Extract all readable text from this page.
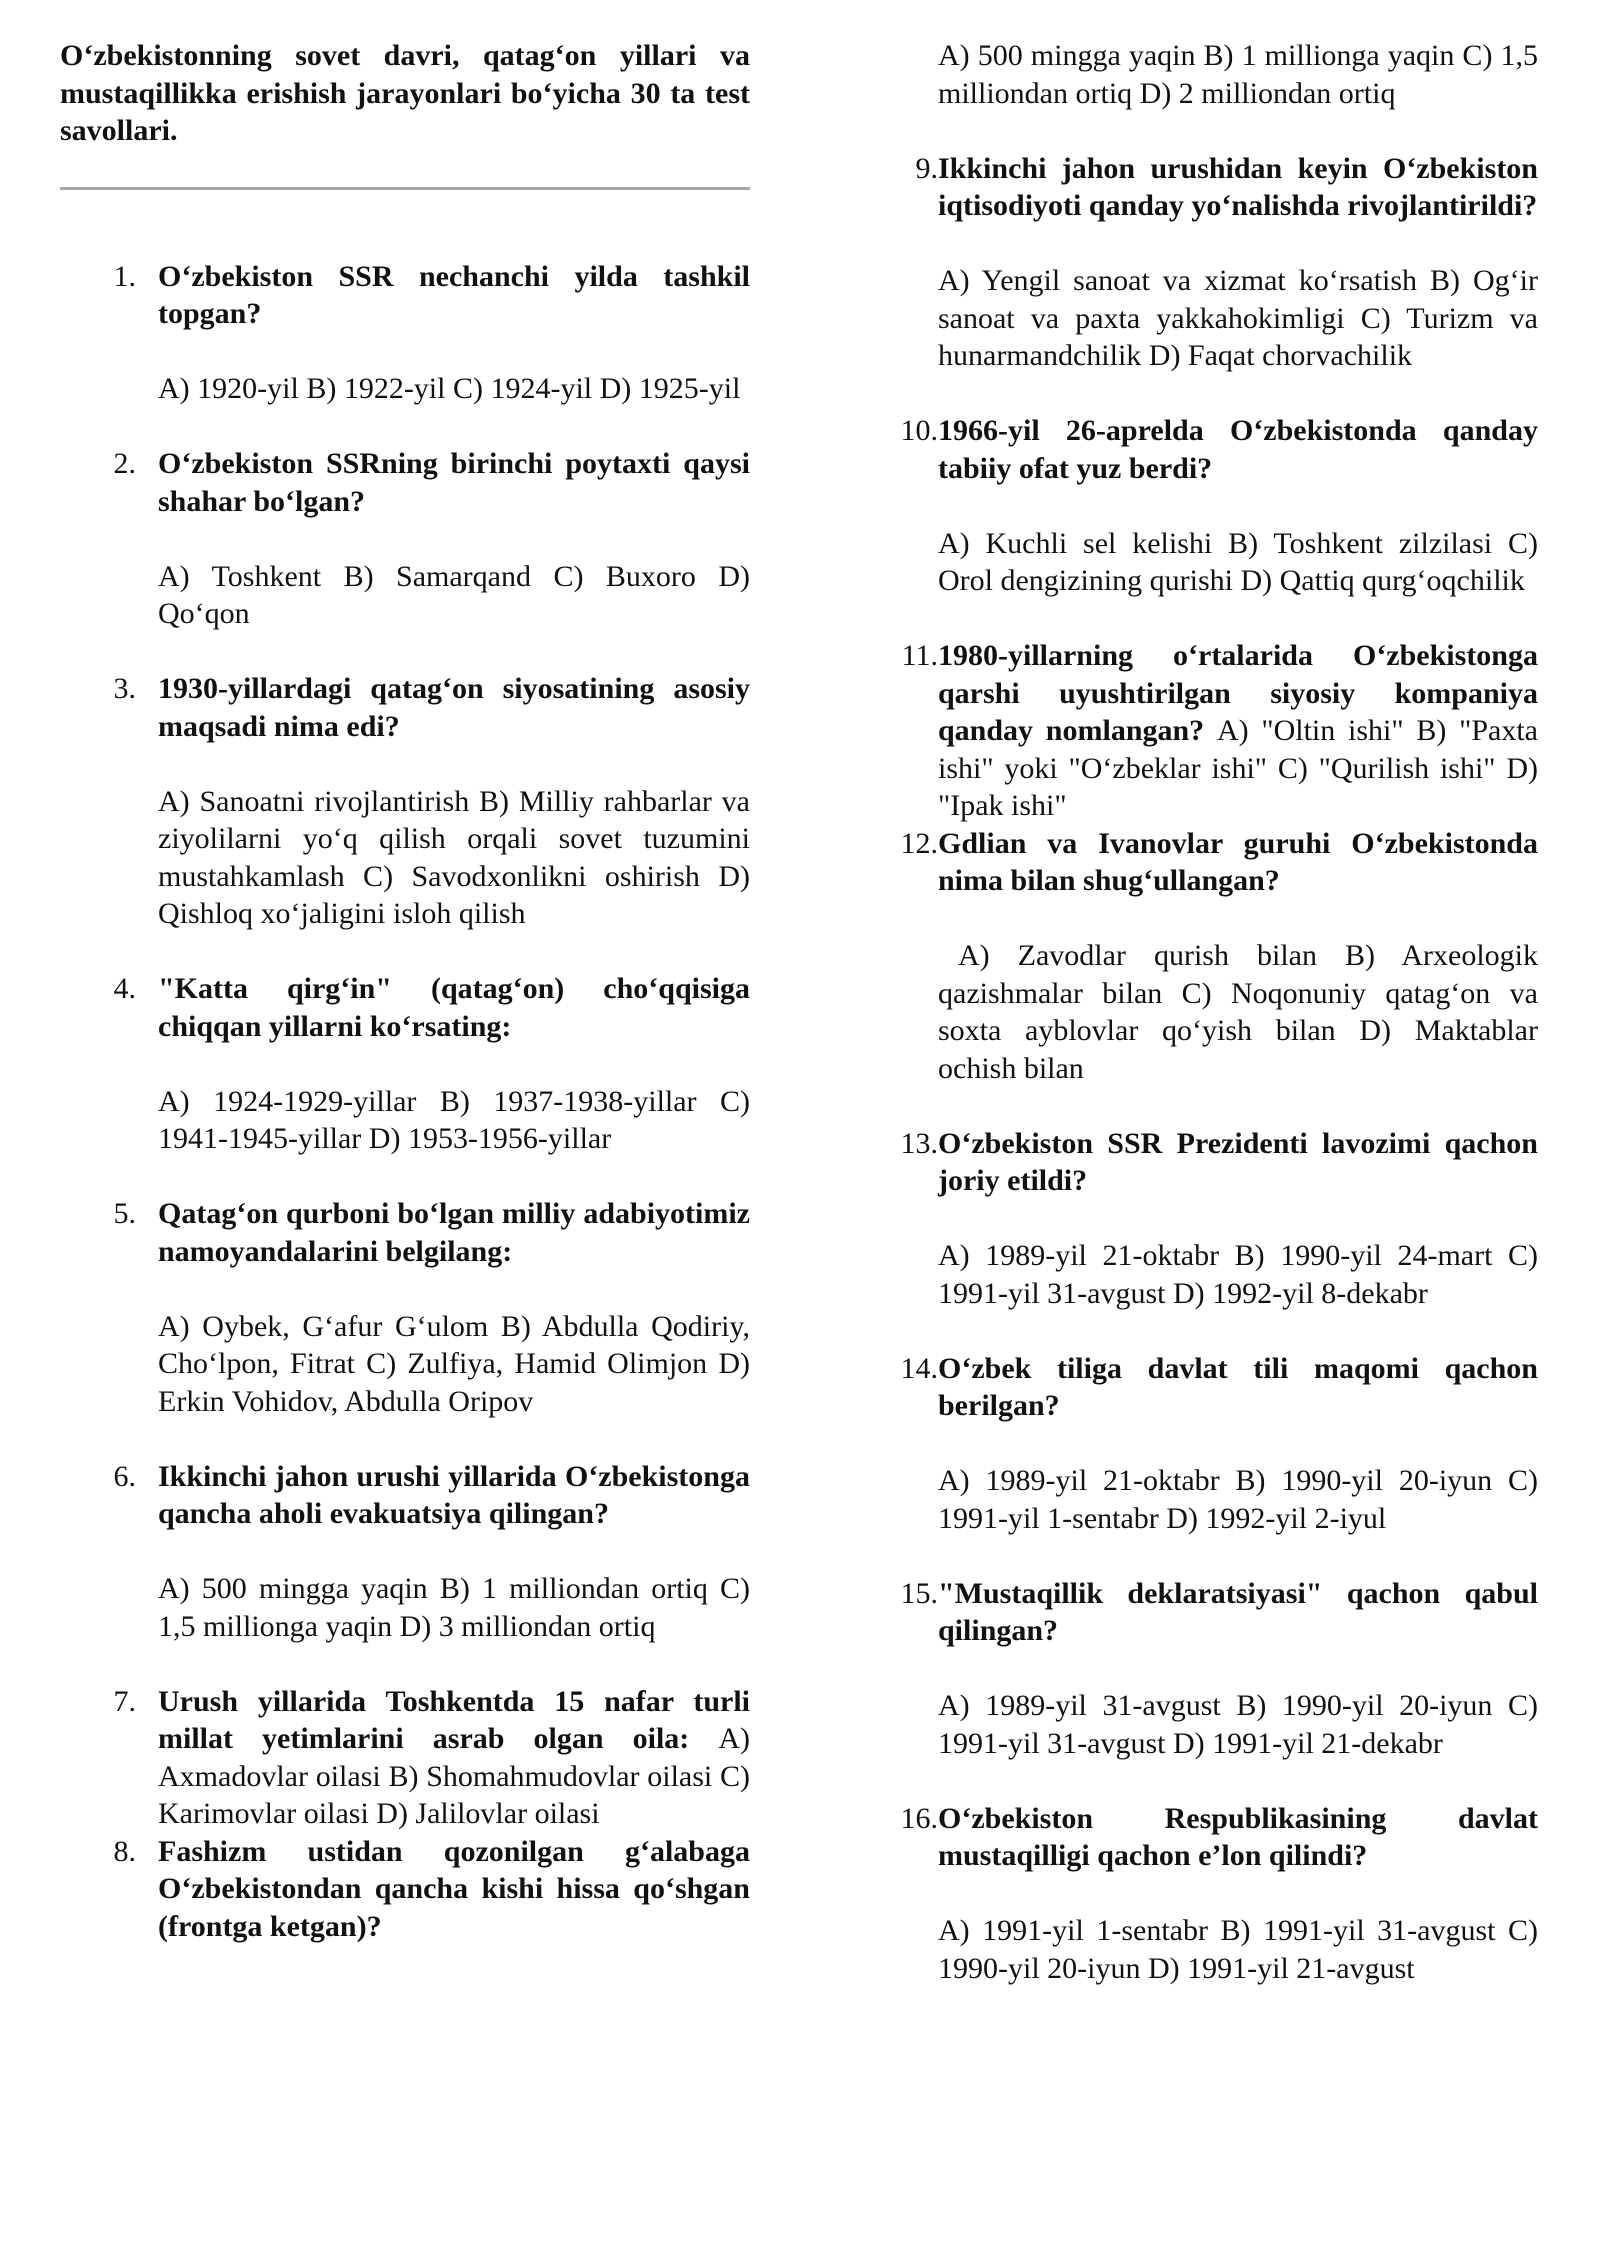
O‘zbekistonning sovet davri, qatag‘on yillari va mustaqillikka erishish jarayonlari bo‘yicha 30 ta test savollari.

1. O‘zbekiston SSR nechanchi yilda tashkil topgan?
A) 1920-yil B) 1922-yil C) 1924-yil D) 1925-yil
2. O‘zbekiston SSRning birinchi poytaxti qaysi shahar bo‘lgan?
A) Toshkent B) Samarqand C) Buxoro D) Qo‘qon
3. 1930-yillardagi qatag‘on siyosatining asosiy maqsadi nima edi?
A) Sanoatni rivojlantirish B) Milliy rahbarlar va ziyolilarni yo‘q qilish orqali sovet tuzumini mustahkamlash C) Savodxonlikni oshirish D) Qishloq xo‘jaligini isloh qilish
4. "Katta qirg‘in" (qatag‘on) cho‘qqisiga chiqqan yillarni ko‘rsating:
A) 1924-1929-yillar B) 1937-1938-yillar C) 1941-1945-yillar D) 1953-1956-yillar
5. Qatag‘on qurboni bo‘lgan milliy adabiyotimiz namoyandalarini belgilang:
A) Oybek, G‘afur G‘ulom B) Abdulla Qodiriy, Cho‘lpon, Fitrat C) Zulfiya, Hamid Olimjon D) Erkin Vohidov, Abdulla Oripov
6. Ikkinchi jahon urushi yillarida O‘zbekistonga qancha aholi evakuatsiya qilingan?
A) 500 mingga yaqin B) 1 milliondan ortiq C) 1,5 millionga yaqin D) 3 milliondan ortiq
7. Urush yillarida Toshkentda 15 nafar turli millat yetimlarini asrab olgan oila: A) Axmadovlar oilasi B) Shomahmudovlar oilasi C) Karimovlar oilasi D) Jalilovlar oilasi
8. Fashizm ustidan qozonilgan g‘alabaga O‘zbekistondan qancha kishi hissa qo‘shgan (frontga ketgan)?
A) 500 mingga yaqin B) 1 millionga yaqin C) 1,5 milliondan ortiq D) 2 milliondan ortiq
9. Ikkinchi jahon urushidan keyin O‘zbekiston iqtisodiyoti qanday yo‘nalishda rivojlantirildi?
A) Yengil sanoat va xizmat ko‘rsatish B) Og‘ir sanoat va paxta yakkahokimligi C) Turizm va hunarmandchilik D) Faqat chorvachilik
10. 1966-yil 26-aprelda O‘zbekistonda qanday tabiiy ofat yuz berdi?
A) Kuchli sel kelishi B) Toshkent zilzilasi C) Orol dengizining qurishi D) Qattiq qurg‘oqchilik
11. 1980-yillarning o‘rtalarida O‘zbekistonga qarshi uyushtirilgan siyosiy kompaniya qanday nomlangan? A) "Oltin ishi" B) "Paxta ishi" yoki "O‘zbeklar ishi" C) "Qurilish ishi" D) "Ipak ishi"
12. Gdlian va Ivanovlar guruhi O‘zbekistonda nima bilan shug‘ullangan?
A) Zavodlar qurish bilan B) Arxeologik qazishmalar bilan C) Noqonuniy qatag‘on va soxta ayblovlar qo‘yish bilan D) Maktablar ochish bilan
13. O‘zbekiston SSR Prezidenti lavozimi qachon joriy etildi?
A) 1989-yil 21-oktabr B) 1990-yil 24-mart C) 1991-yil 31-avgust D) 1992-yil 8-dekabr
14. O‘zbek tiliga davlat tili maqomi qachon berilgan?
A) 1989-yil 21-oktabr B) 1990-yil 20-iyun C) 1991-yil 1-sentabr D) 1992-yil 2-iyul
15. "Mustaqillik deklaratsiyasi" qachon qabul qilingan?
A) 1989-yil 31-avgust B) 1990-yil 20-iyun C) 1991-yil 31-avgust D) 1991-yil 21-dekabr
16. O‘zbekiston Respublikasining davlat mustaqilligi qachon e’lon qilindi?
A) 1991-yil 1-sentabr B) 1991-yil 31-avgust C) 1990-yil 20-iyun D) 1991-yil 21-avgust
